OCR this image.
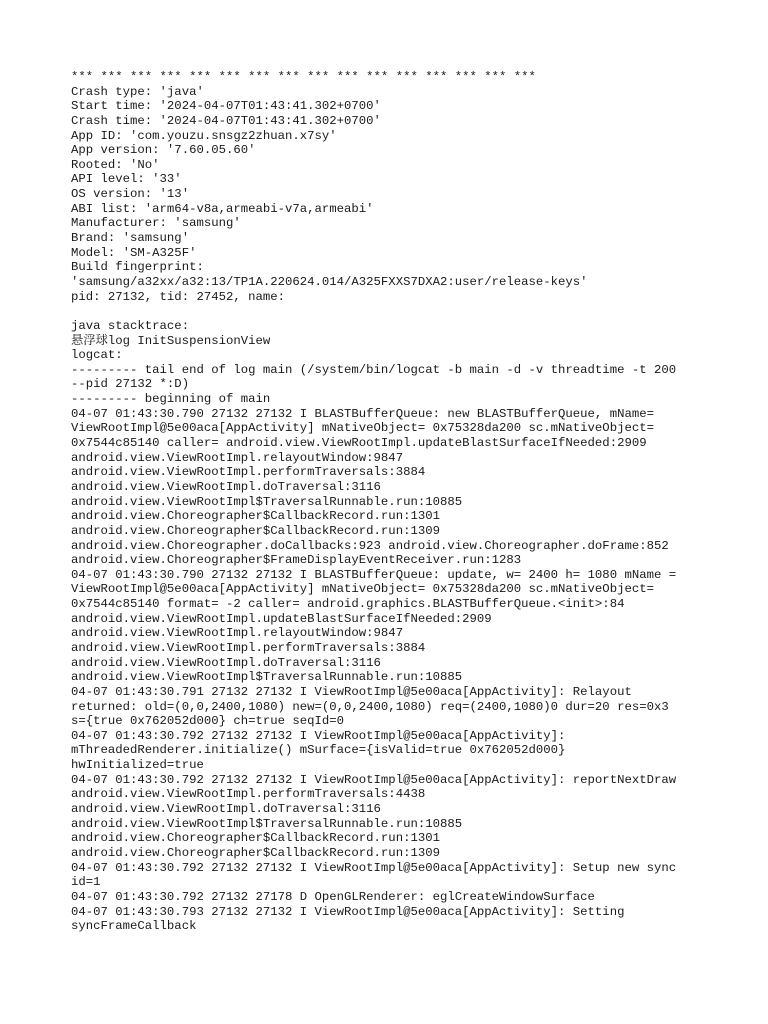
*** *** *** *** *** *** *** *** *** *** *** *** *** *** *** ***
Crash type: 'java'
Start time: '2024-04-07T01:43:41.302+0700'
Crash time: '2024-04-07T01:43:41.302+0700'
App ID: 'com.youzu.snsgz2zhuan.x7sy'
App version: '7.60.05.60'
Rooted: 'No'
API level: '33'
OS version: '13'
ABI list: 'arm64-v8a,armeabi-v7a,armeabi'
Manufacturer: 'samsung'
Brand: 'samsung'
Model: 'SM-A325F'
Build fingerprint:
'samsung/a32xx/a32:13/TP1A.220624.014/A325FXXS7DXA2:user/release-keys'
pid: 27132, tid: 27452, name:
java stacktrace:
悬浮球log InitSuspensionView
logcat:
--------- tail end of log main (/system/bin/logcat -b main -d -v threadtime -t 200
--pid 27132 *:D)
--------- beginning of main
04-07 01:43:30.790 27132 27132 I BLASTBufferQueue: new BLASTBufferQueue, mName=
ViewRootImpl@5e00aca[AppActivity] mNativeObject= 0x75328da200 sc.mNativeObject=
0x7544c85140 caller= android.view.ViewRootImpl.updateBlastSurfaceIfNeeded:2909
android.view.ViewRootImpl.relayoutWindow:9847
android.view.ViewRootImpl.performTraversals:3884
android.view.ViewRootImpl.doTraversal:3116
android.view.ViewRootImpl$TraversalRunnable.run:10885
android.view.Choreographer$CallbackRecord.run:1301
android.view.Choreographer$CallbackRecord.run:1309
android.view.Choreographer.doCallbacks:923 android.view.Choreographer.doFrame:852
android.view.Choreographer$FrameDisplayEventReceiver.run:1283
04-07 01:43:30.790 27132 27132 I BLASTBufferQueue: update, w= 2400 h= 1080 mName =
ViewRootImpl@5e00aca[AppActivity] mNativeObject= 0x75328da200 sc.mNativeObject=
0x7544c85140 format= -2 caller= android.graphics.BLASTBufferQueue.<init>:84
android.view.ViewRootImpl.updateBlastSurfaceIfNeeded:2909
android.view.ViewRootImpl.relayoutWindow:9847
android.view.ViewRootImpl.performTraversals:3884
android.view.ViewRootImpl.doTraversal:3116
android.view.ViewRootImpl$TraversalRunnable.run:10885
04-07 01:43:30.791 27132 27132 I ViewRootImpl@5e00aca[AppActivity]: Relayout
returned: old=(0,0,2400,1080) new=(0,0,2400,1080) req=(2400,1080)0 dur=20 res=0x3
s={true 0x762052d000} ch=true seqId=0
04-07 01:43:30.792 27132 27132 I ViewRootImpl@5e00aca[AppActivity]:
mThreadedRenderer.initialize() mSurface={isValid=true 0x762052d000}
hwInitialized=true
04-07 01:43:30.792 27132 27132 I ViewRootImpl@5e00aca[AppActivity]: reportNextDraw
android.view.ViewRootImpl.performTraversals:4438
android.view.ViewRootImpl.doTraversal:3116
android.view.ViewRootImpl$TraversalRunnable.run:10885
android.view.Choreographer$CallbackRecord.run:1301
android.view.Choreographer$CallbackRecord.run:1309
04-07 01:43:30.792 27132 27132 I ViewRootImpl@5e00aca[AppActivity]: Setup new sync
id=1
04-07 01:43:30.792 27132 27178 D OpenGLRenderer: eglCreateWindowSurface
04-07 01:43:30.793 27132 27132 I ViewRootImpl@5e00aca[AppActivity]: Setting
syncFrameCallback
